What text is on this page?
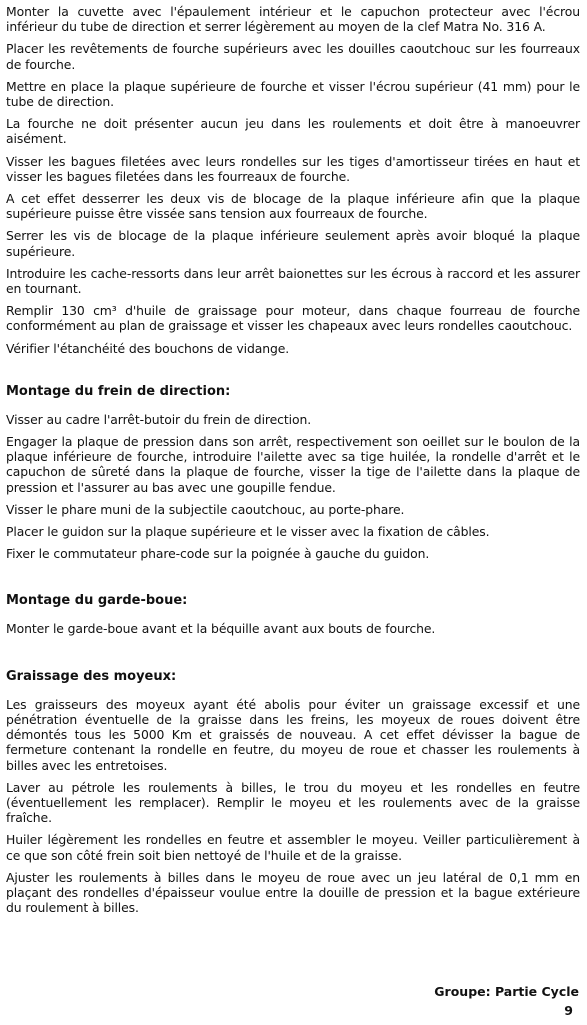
Monter la cuvette avec l'épaulement intérieur et le capuchon protecteur avec l'écrou inférieur du tube de direction et serrer légèrement au moyen de la clef Matra No. 316 A.

Placer les revêtements de fourche supérieurs avec les douilles caoutchouc sur les fourreaux de fourche.

Mettre en place la plaque supérieure de fourche et visser l'écrou supérieur (41 mm) pour le tube de direction.

La fourche ne doit présenter aucun jeu dans les roulements et doit être à manoeuvrer aisément.

Visser les bagues filetées avec leurs rondelles sur les tiges d'amortisseur tirées en haut et visser les bagues filetées dans les fourreaux de fourche.

A cet effet desserrer les deux vis de blocage de la plaque inférieure afin que la plaque supérieure puisse être vissée sans tension aux fourreaux de fourche.

Serrer les vis de blocage de la plaque inférieure seulement après avoir bloqué la plaque supérieure.

Introduire les cache-ressorts dans leur arrêt baionettes sur les écrous à raccord et les assurer en tournant.

Remplir 130 cm³ d'huile de graissage pour moteur, dans chaque fourreau de fourche conformément au plan de graissage et visser les chapeaux avec leurs rondelles caoutchouc.

Vérifier l'étanchéité des bouchons de vidange.

Montage du frein de direction:

Visser au cadre l'arrêt-butoir du frein de direction.

Engager la plaque de pression dans son arrêt, respectivement son oeillet sur le boulon de la plaque inférieure de fourche, introduire l'ailette avec sa tige huilée, la rondelle d'arrêt et le capuchon de sûreté dans la plaque de fourche, visser la tige de l'ailette dans la plaque de pression et l'assurer au bas avec une goupille fendue.

Visser le phare muni de la subjectile caoutchouc, au porte-phare.

Placer le guidon sur la plaque supérieure et le visser avec la fixation de câbles.

Fixer le commutateur phare-code sur la poignée à gauche du guidon.

Montage du garde-boue:

Monter le garde-boue avant et la béquille avant aux bouts de fourche.

Graissage des moyeux:

Les graisseurs des moyeux ayant été abolis pour éviter un graissage excessif et une pénétration éventuelle de la graisse dans les freins, les moyeux de roues doivent être démontés tous les 5000 Km et graissés de nouveau. A cet effet dévisser la bague de fermeture contenant la rondelle en feutre, du moyeu de roue et chasser les roulements à billes avec les entretoises.

Laver au pétrole les roulements à billes, le trou du moyeu et les rondelles en feutre (éventuellement les remplacer). Remplir le moyeu et les roulements avec de la graisse fraîche.

Huiler légèrement les rondelles en feutre et assembler le moyeu. Veiller particulièrement à ce que son côté frein soit bien nettoyé de l'huile et de la graisse.

Ajuster les roulements à billes dans le moyeu de roue avec un jeu latéral de 0,1 mm en plaçant des rondelles d'épaisseur voulue entre la douille de pression et la bague extérieure du roulement à billes.

Groupe: Partie Cycle
9
